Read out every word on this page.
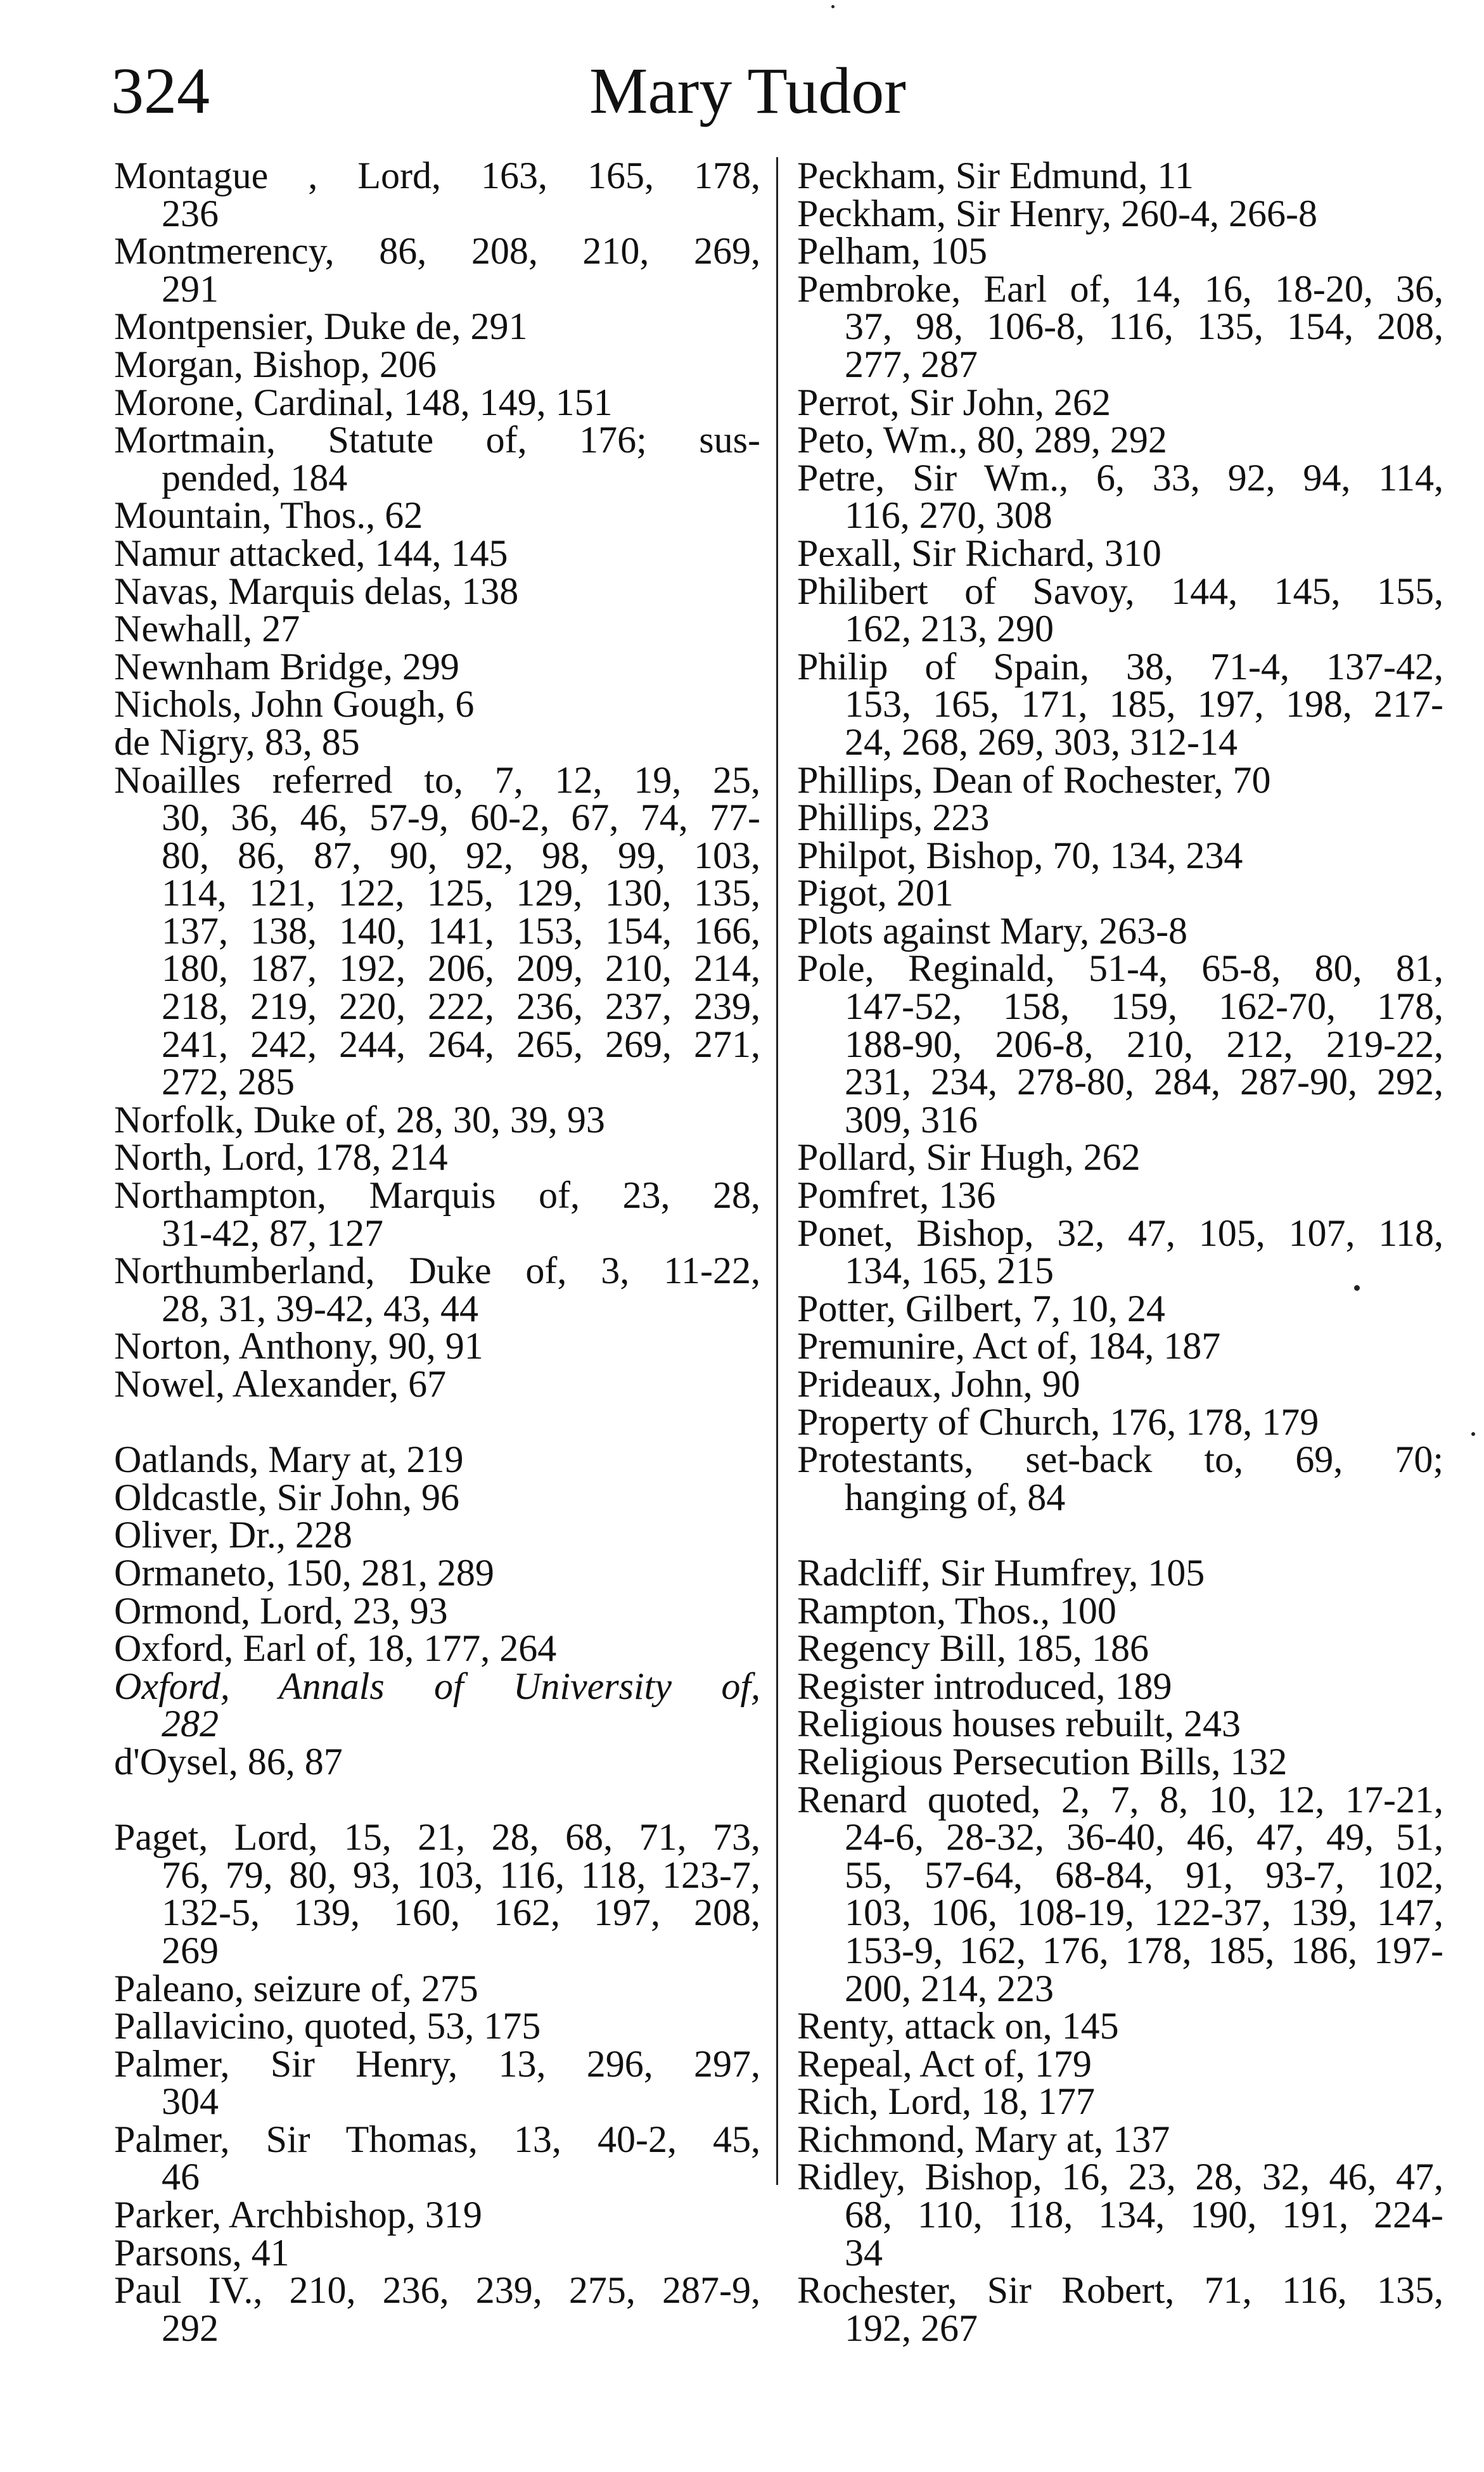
324	Mary Tudor
Montague , Lord, 163, 165, 178,
236
Montmerency, 86, 208, 210, 269,
291
Montpensier, Duke de, 291
Morgan, Bishop, 206
Morone, Cardinal, 148, 149, 151
Mortmain, Statute of, 176; sus-
pended, 184
Mountain, Thos., 62
Namur attacked, 144, 145
Navas, Marquis delas, 138
Newhall, 27
Newnham Bridge, 299
Nichols, John Gough, 6
de Nigry, 83, 85
Noailles referred to, 7, 12, 19, 25,
30, 36, 46, 57-9, 60-2, 67, 74, 77-
80, 86, 87, 90, 92, 98, 99, 103,
114, 121, 122, 125, 129, 130, 135,
137, 138, 140, 141, 153, 154, 166,
180, 187, 192, 206, 209, 210, 214,
218, 219, 220, 222, 236, 237, 239,
241, 242, 244, 264, 265, 269, 271,
272, 285
Norfolk, Duke of, 28, 30, 39, 93
North, Lord, 178, 214
Northampton, Marquis of, 23, 28,
31-42, 87, 127
Northumberland, Duke of, 3, 11-22,
28, 31, 39-42, 43, 44
Norton, Anthony, 90, 91
Nowel, Alexander, 67
Oatlands, Mary at, 219
Oldcastle, Sir John, 96
Oliver, Dr., 228
Ormaneto, 150, 281, 289
Ormond, Lord, 23, 93
Oxford, Earl of, 18, 177, 264
Oxford, Annals of University of,
282
d'Oysel, 86, 87
Paget, Lord, 15, 21, 28, 68, 71, 73,
76, 79, 80, 93, 103, 116, 118, 123-7,
132-5, 139, 160, 162, 197, 208,
269
Paleano, seizure of, 275
Pallavicino, quoted, 53, 175
Palmer, Sir Henry, 13, 296, 297,
304
Palmer, Sir Thomas, 13, 40-2, 45,
46
Parker, Archbishop, 319
Parsons, 41
Paul IV., 210, 236, 239, 275, 287-9,
292
Peckham, Sir Edmund, 11
Peckham, Sir Henry, 260-4, 266-8
Pelham, 105
Pembroke, Earl of, 14, 16, 18-20, 36,
37, 98, 106-8, 116, 135, 154, 208,
277, 287
Perrot, Sir John, 262
Peto, Wm., 80, 289, 292
Petre, Sir Wm., 6, 33, 92, 94, 114,
116, 270, 308
Pexall, Sir Richard, 310
Philibert of Savoy, 144, 145, 155,
162, 213, 290
Philip of Spain, 38, 71-4, 137-42,
153, 165, 171, 185, 197, 198, 217-
24, 268, 269, 303, 312-14
Phillips, Dean of Rochester, 70
Phillips, 223
Philpot, Bishop, 70, 134, 234
Pigot, 201
Plots against Mary, 263-8
Pole, Reginald, 51-4, 65-8, 80, 81,
147-52, 158, 159, 162-70, 178,
188-90, 206-8, 210, 212, 219-22,
231, 234, 278-80, 284, 287-90, 292,
309, 316
Pollard, Sir Hugh, 262
Pomfret, 136
Ponet, Bishop, 32, 47, 105, 107, 118,
134, 165, 215
Potter, Gilbert, 7, 10, 24
Premunire, Act of, 184, 187
Prideaux, John, 90
Property of Church, 176, 178, 179
Protestants, set-back to, 69, 70;
hanging of, 84
Radcliff, Sir Humfrey, 105
Rampton, Thos., 100
Regency Bill, 185, 186
Register introduced, 189
Religious houses rebuilt, 243
Religious Persecution Bills, 132
Renard quoted, 2, 7, 8, 10, 12, 17-21,
24-6, 28-32, 36-40, 46, 47, 49, 51,
55, 57-64, 68-84, 91, 93-7, 102,
103, 106, 108-19, 122-37, 139, 147,
153-9, 162, 176, 178, 185, 186, 197-
200, 214, 223
Renty, attack on, 145
Repeal, Act of, 179
Rich, Lord, 18, 177
Richmond, Mary at, 137
Ridley, Bishop, 16, 23, 28, 32, 46, 47,
68, 110, 118, 134, 190, 191, 224-
34
Rochester, Sir Robert, 71, 116, 135,
192, 267
